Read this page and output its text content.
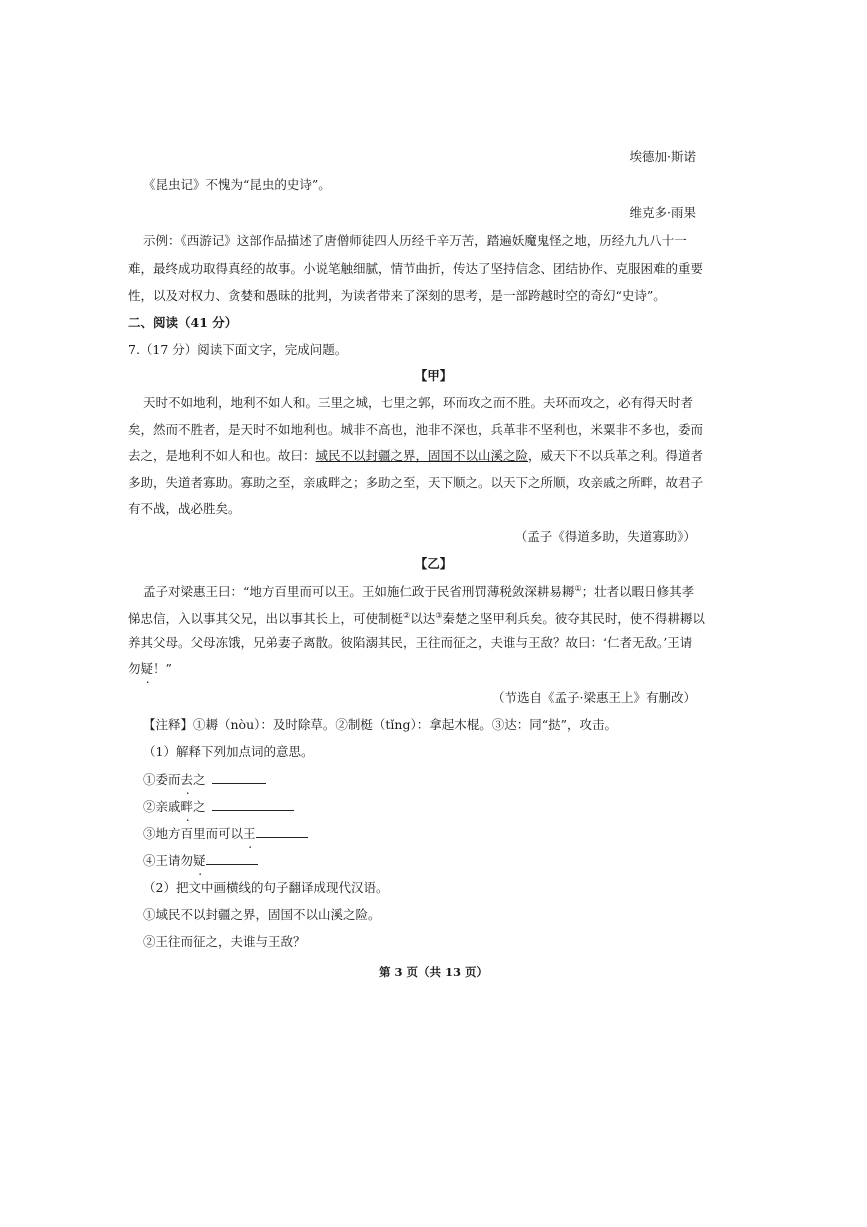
埃德加·斯诺
《昆虫记》不愧为“昆虫的史诗”。
维克多·雨果
示例：《西游记》这部作品描述了唐僧师徒四人历经千辛万苦，踏遍妖魔鬼怪之地，历经九九八十一
难，最终成功取得真经的故事。小说笔触细腻，情节曲折，传达了坚持信念、团结协作、克服困难的重要
性，以及对权力、贪婪和愚昧的批判，为读者带来了深刻的思考，是一部跨越时空的奇幻“史诗”。
二、阅读（41 分）
7.（17 分）阅读下面文字，完成问题。
【甲】
天时不如地利，地利不如人和。三里之城，七里之郭，环而攻之而不胜。夫环而攻之，必有得天时者
矣，然而不胜者，是天时不如地利也。城非不高也，池非不深也，兵革非不坚利也，米粟非不多也，委而
去之，是地利不如人和也。故曰：域民不以封疆之界，固国不以山溪之险，威天下不以兵革之利。得道者
多助，失道者寡助。寡助之至，亲戚畔之；多助之至，天下顺之。以天下之所顺，攻亲戚之所畔，故君子
有不战，战必胜矣。
（孟子《得道多助，失道寡助》）
【乙】
孟子对梁惠王曰：“地方百里而可以王。王如施仁政于民省刑罚薄税敛深耕易耨①；壮者以暇日修其孝
悌忠信，入以事其父兄，出以事其长上，可使制梃②以达③秦楚之坚甲利兵矣。彼夺其民时，使不得耕耨以
养其父母。父母冻饿，兄弟妻子离散。彼陷溺其民，王往而征之，夫谁与王敌？故曰：‘仁者无敌。’王请
勿疑！”
（节选自《孟子·梁惠王上》有删改）
【注释】①耨（nòu）：及时除草。②制梃（tǐng）：拿起木棍。③达：同“挞”，攻击。
（1）解释下列加点词的意思。
①委而去之
②亲戚畔之
③地方百里而可以王
④王请勿疑
（2）把文中画横线的句子翻译成现代汉语。
①域民不以封疆之界，固国不以山溪之险。
②王往而征之，夫谁与王敌？
第 3 页（共 13 页）
